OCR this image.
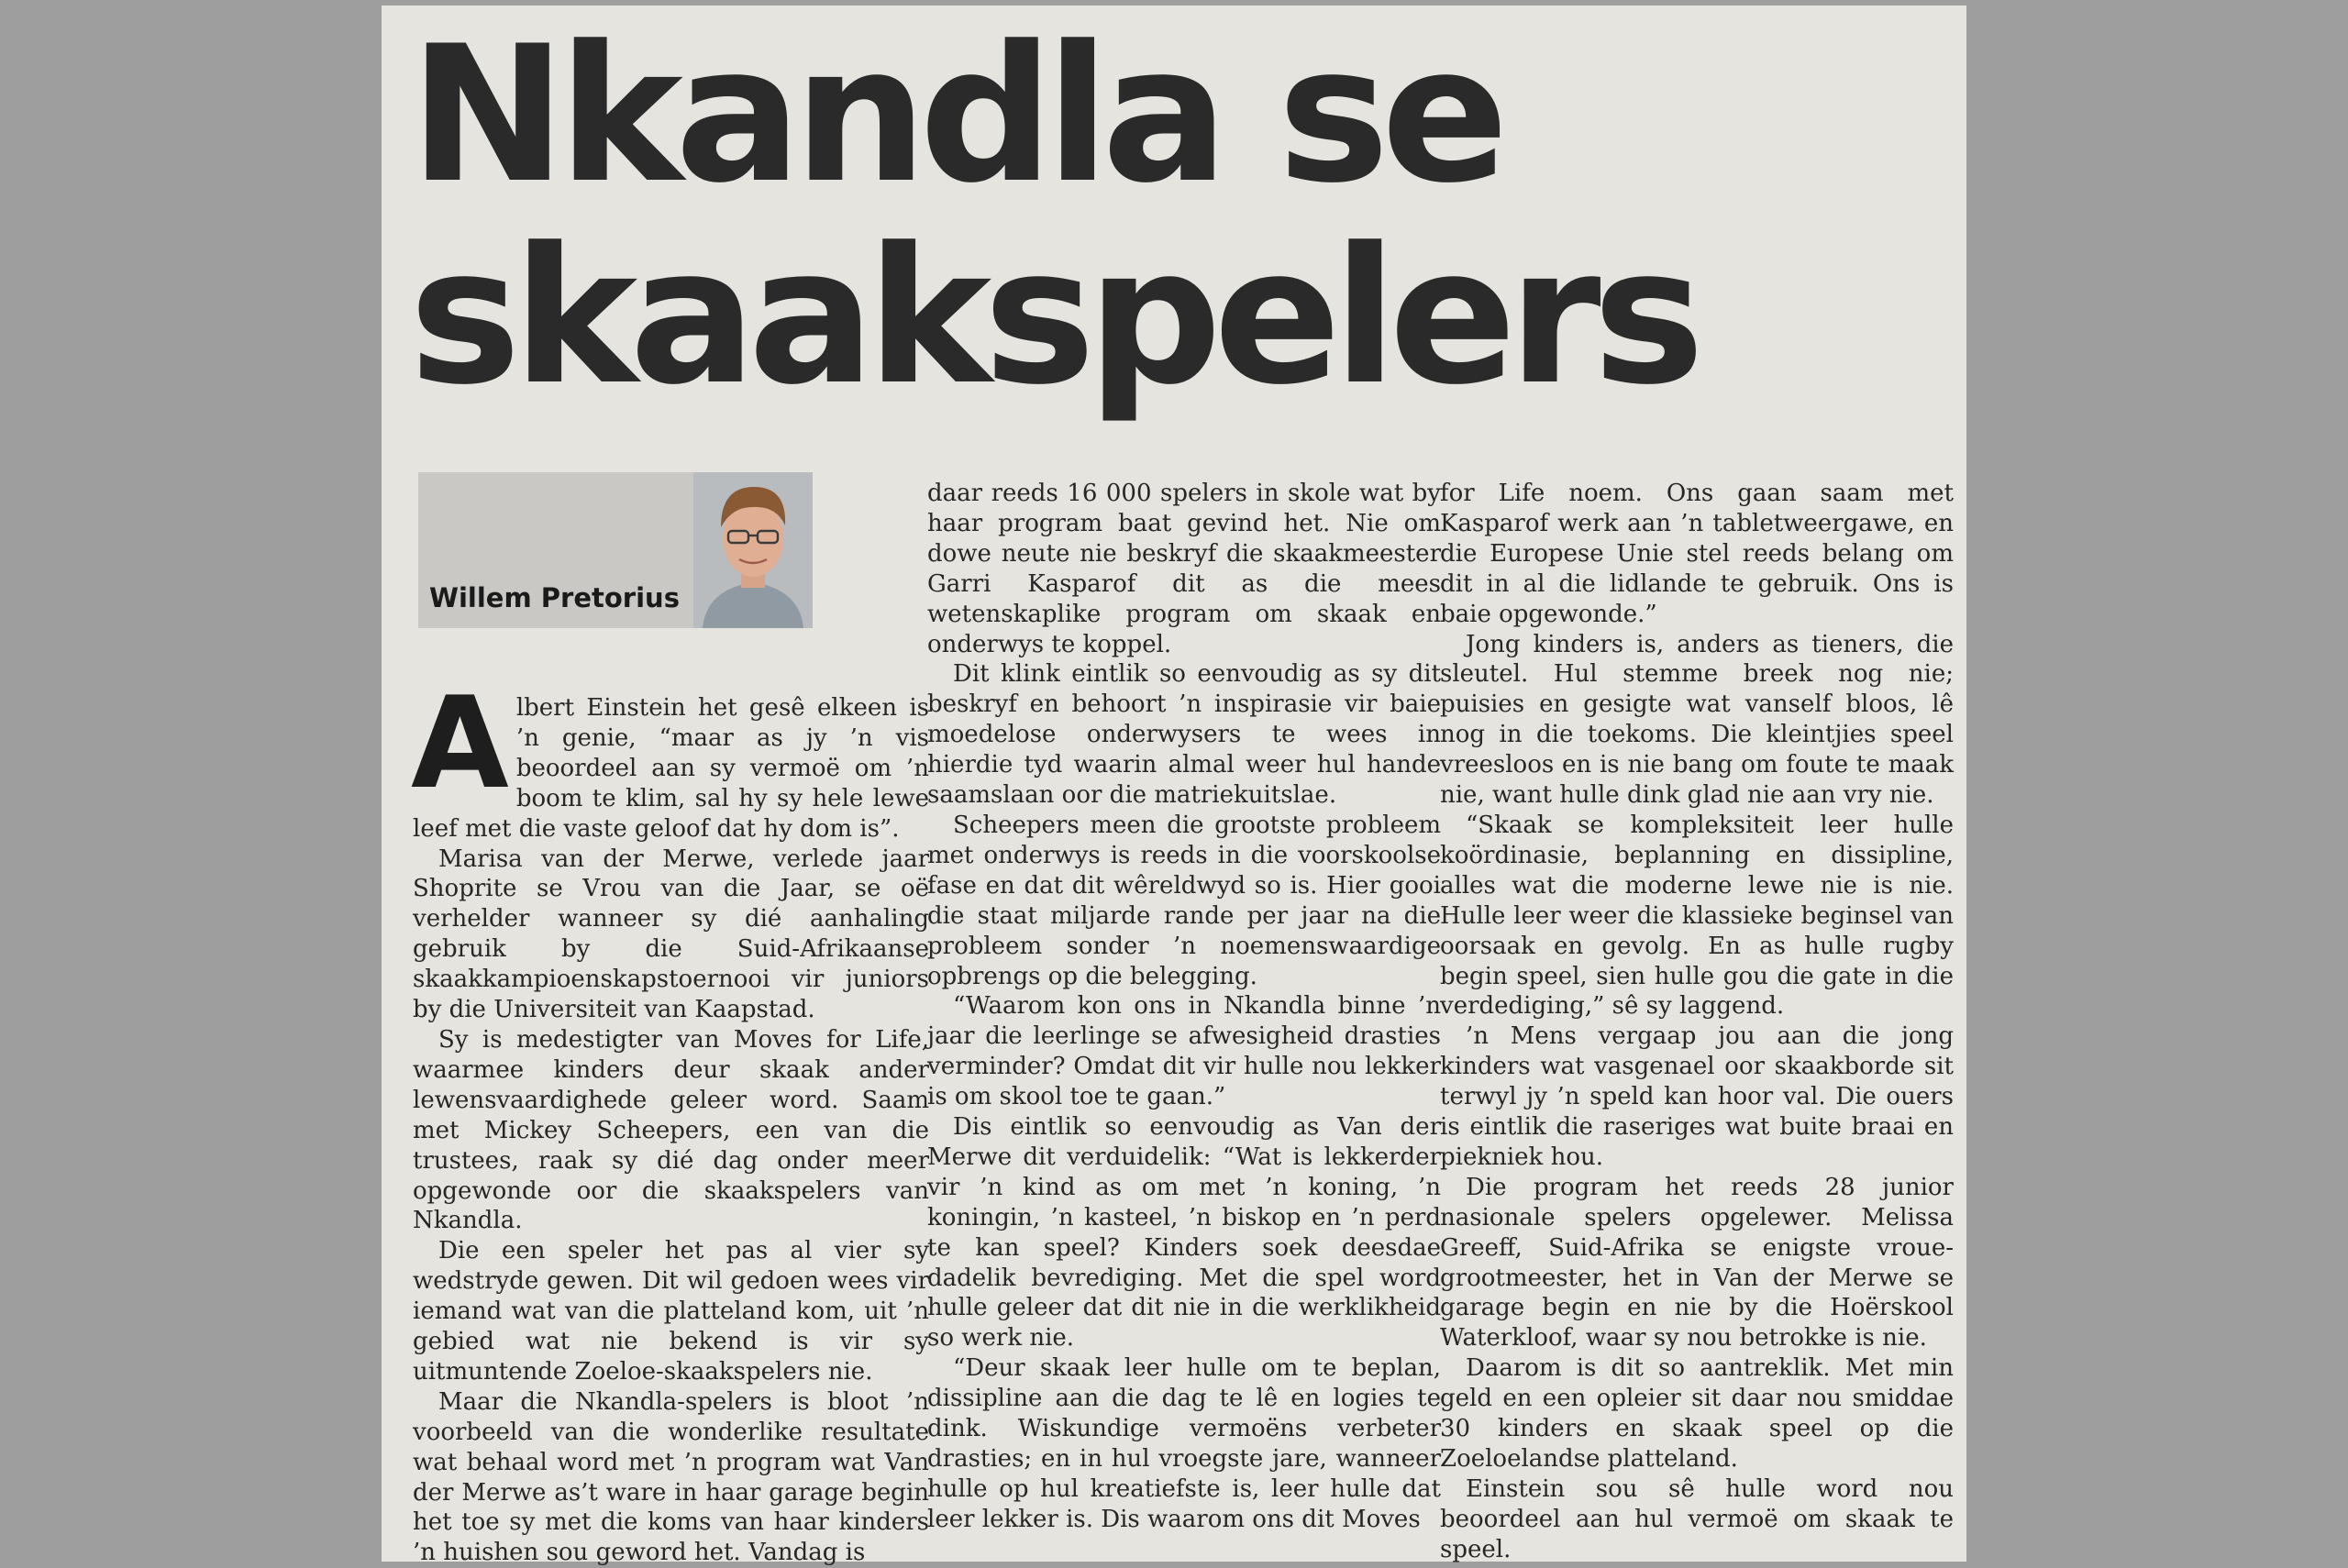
Nkandla se
skaakspelers

Willem Pretorius

A lbert Einstein het gesê elkeen is ’n genie, “maar as jy ’n vis beoordeel aan sy vermoë om ’n boom te klim, sal hy sy hele lewe leef met die vaste geloof dat hy dom is”.

Marisa van der Merwe, verlede jaar Shoprite se Vrou van die Jaar, se oë verhelder wanneer sy dié aanhaling gebruik by die Suid-Afrikaanse skaakkampioenskapstoernooi vir juniors by die Universiteit van Kaapstad.

Sy is medestigter van Moves for Life, waarmee kinders deur skaak ander lewensvaardighede geleer word. Saam met Mickey Scheepers, een van die trustees, raak sy dié dag onder meer opgewonde oor die skaakspelers van Nkandla.

Die een speler het pas al vier sy wedstryde gewen. Dit wil gedoen wees vir iemand wat van die platteland kom, uit ’n gebied wat nie bekend is vir sy uitmuntende Zoeloe-skaakspelers nie.

Maar die Nkandla-spelers is bloot ’n voorbeeld van die wonderlike resultate wat behaal word met ’n program wat Van der Merwe as’t ware in haar garage begin het toe sy met die koms van haar kinders ’n huishen sou geword het. Vandag is

daar reeds 16 000 spelers in skole wat by haar program baat gevind het. Nie om dowe neute nie beskryf die skaakmeester Garri Kasparof dit as die mees wetenskaplike program om skaak en onderwys te koppel.

Dit klink eintlik so eenvoudig as sy dit beskryf en behoort ’n inspirasie vir baie moedelose onderwysers te wees in hierdie tyd waarin almal weer hul hande saamslaan oor die matriekuitslae.

Scheepers meen die grootste probleem met onderwys is reeds in die voorskoolse fase en dat dit wêreldwyd so is. Hier gooi die staat miljarde rande per jaar na die probleem sonder ’n noemenswaardige opbrengs op die belegging.

“Waarom kon ons in Nkandla binne ’n jaar die leerlinge se afwesigheid drasties verminder? Omdat dit vir hulle nou lekker is om skool toe te gaan.”

Dis eintlik so eenvoudig as Van der Merwe dit verduidelik: “Wat is lekkerder vir ’n kind as om met ’n koning, ’n koningin, ’n kasteel, ’n biskop en ’n perd te kan speel? Kinders soek deesdae dadelik bevrediging. Met die spel word hulle geleer dat dit nie in die werklikheid so werk nie.

“Deur skaak leer hulle om te beplan, dissipline aan die dag te lê en logies te dink. Wiskundige vermoëns verbeter drasties; en in hul vroegste jare, wanneer hulle op hul kreatiefste is, leer hulle dat leer lekker is. Dis waarom ons dit Moves

for Life noem. Ons gaan saam met Kasparof werk aan ’n tabletweergawe, en die Europese Unie stel reeds belang om dit in al die lidlande te gebruik. Ons is baie opgewonde.”

Jong kinders is, anders as tieners, die sleutel. Hul stemme breek nog nie; puisies en gesigte wat vanself bloos, lê nog in die toekoms. Die kleintjies speel vreesloos en is nie bang om foute te maak nie, want hulle dink glad nie aan vry nie.

“Skaak se kompleksiteit leer hulle koördinasie, beplanning en dissipline, alles wat die moderne lewe nie is nie. Hulle leer weer die klassieke beginsel van oorsaak en gevolg. En as hulle rugby begin speel, sien hulle gou die gate in die verdediging,” sê sy laggend.

’n Mens vergaap jou aan die jong kinders wat vasgenael oor skaakborde sit terwyl jy ’n speld kan hoor val. Die ouers is eintlik die raseriges wat buite braai en piekniek hou.

Die program het reeds 28 junior nasionale spelers opgelewer. Melissa Greeff, Suid-Afrika se enigste vroue-grootmeester, het in Van der Merwe se garage begin en nie by die Hoërskool Waterkloof, waar sy nou betrokke is nie.

Daarom is dit so aantreklik. Met min geld en een opleier sit daar nou smiddae 30 kinders en skaak speel op die Zoeloelandse platteland.

Einstein sou sê hulle word nou beoordeel aan hul vermoë om skaak te speel.
